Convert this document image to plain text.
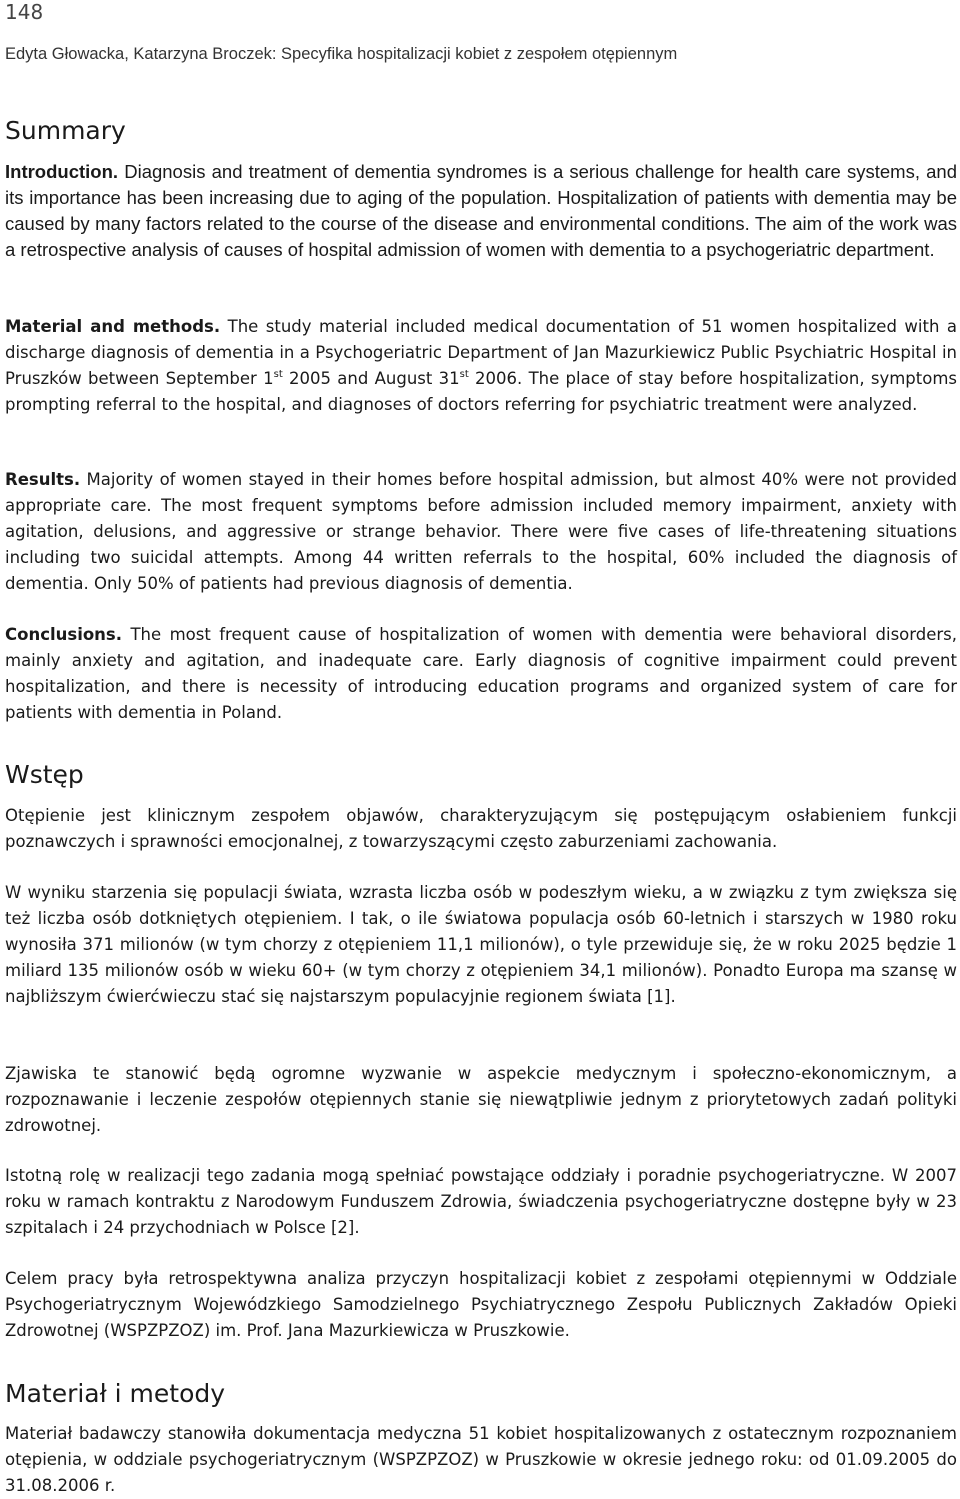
148
Edyta Głowacka, Katarzyna Broczek: Specyfika hospitalizacji kobiet z zespołem otępiennym
Summary

Introduction. Diagnosis and treatment of dementia syndromes is a serious challenge for health care systems, and its importance has been increasing due to aging of the population. Hospitalization of patients with dementia may be caused by many factors related to the course of the disease and environmental conditions. The aim of the work was a retrospective analysis of causes of hospital admission of women with dementia to a psychogeriatric department.

Material and methods. The study material included medical documentation of 51 women hospitalized with a discharge diagnosis of dementia in a Psychogeriatric Department of Jan Mazurkiewicz Public Psychiatric Hospital in Pruszków between September 1st 2005 and August 31st 2006. The place of stay before hospitalization, symptoms prompting referral to the hospital, and diagnoses of doctors referring for psychiatric treatment were analyzed.

Results. Majority of women stayed in their homes before hospital admission, but almost 40% were not provided appropriate care. The most frequent symptoms before admission included memory impairment, anxiety with agitation, delusions, and aggressive or strange behavior. There were five cases of life-threatening situations including two suicidal attempts. Among 44 written referrals to the hospital, 60% included the diagnosis of dementia. Only 50% of patients had previous diagnosis of dementia.

Conclusions. The most frequent cause of hospitalization of women with dementia were behavioral disorders, mainly anxiety and agitation, and inadequate care. Early diagnosis of cognitive impairment could prevent hospitalization, and there is necessity of introducing education programs and organized system of care for patients with dementia in Poland.

Wstęp

Otępienie jest klinicznym zespołem objawów, charakteryzującym się postępującym osłabieniem funkcji poznawczych i sprawności emocjonalnej, z towarzyszącymi często zaburzeniami zachowania.

W wyniku starzenia się populacji świata, wzrasta liczba osób w podeszłym wieku, a w związku z tym zwiększa się też liczba osób dotkniętych otępieniem. I tak, o ile światowa populacja osób 60-letnich i starszych w 1980 roku wynosiła 371 milionów (w tym chorzy z otępieniem 11,1 milionów), o tyle przewiduje się, że w roku 2025 będzie 1 miliard 135 milionów osób w wieku 60+ (w tym chorzy z otępieniem 34,1 milionów). Ponadto Europa ma szansę w najbliższym ćwierćwieczu stać się najstarszym populacyjnie regionem świata [1].

Zjawiska te stanowić będą ogromne wyzwanie w aspekcie medycznym i społeczno-ekonomicznym, a rozpoznawanie i leczenie zespołów otępiennych stanie się niewątpliwie jednym z priorytetowych zadań polityki zdrowotnej.

Istotną rolę w realizacji tego zadania mogą spełniać powstające oddziały i poradnie psychogeriatryczne. W 2007 roku w ramach kontraktu z Narodowym Funduszem Zdrowia, świadczenia psychogeriatryczne dostępne były w 23 szpitalach i 24 przychodniach w Polsce [2].

Celem pracy była retrospektywna analiza przyczyn hospitalizacji kobiet z zespołami otępiennymi w Oddziale Psychogeriatrycznym Wojewódzkiego Samodzielnego Psychiatrycznego Zespołu Publicznych Zakładów Opieki Zdrowotnej (WSPZPZOZ) im. Prof. Jana Mazurkiewicza w Pruszkowie.

Materiał i metody

Materiał badawczy stanowiła dokumentacja medyczna 51 kobiet hospitalizowanych z ostatecznym rozpoznaniem otępienia, w oddziale psychogeriatrycznym (WSPZPZOZ) w Pruszkowie w okresie jednego roku: od 01.09.2005 do 31.08.2006 r.
